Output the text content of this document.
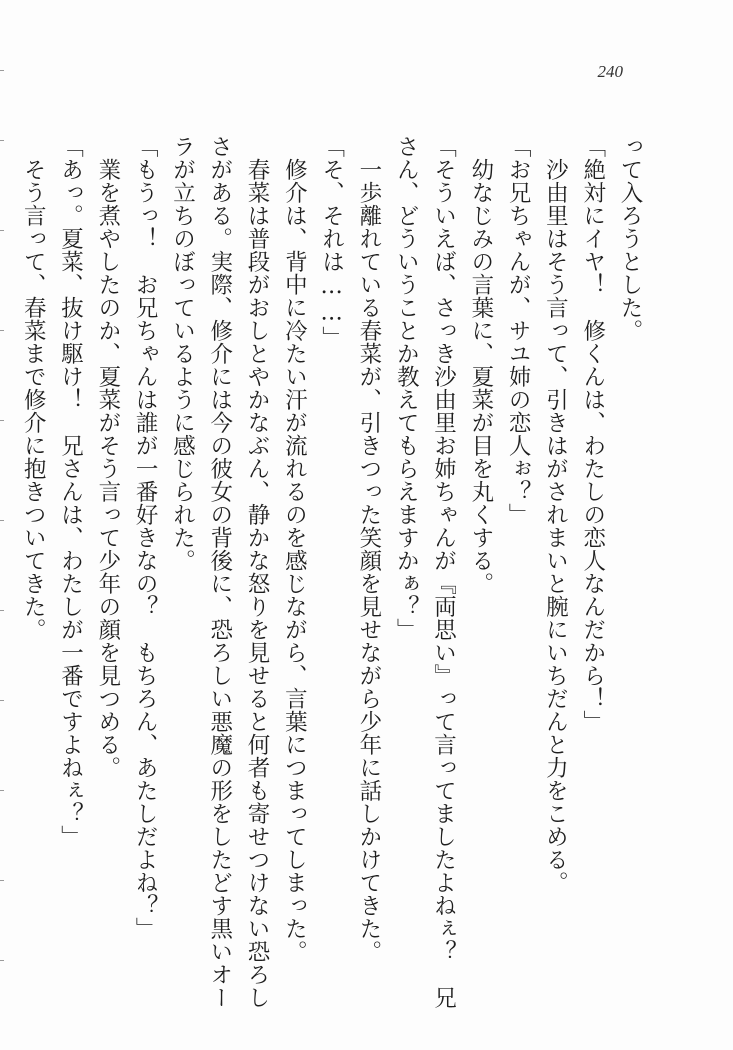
240
って入ろうとした。
「絶対にイヤ！　修くんは、わたしの恋人なんだから！」
　沙由里はそう言って、引きはがされまいと腕にいちだんと力をこめる。
「お兄ちゃんが、サユ姉の恋人ぉ？」
　幼なじみの言葉に、夏菜が目を丸くする。
「そういえば、さっき沙由里お姉ちゃんが『両思い』って言ってましたよねぇ？　兄
さん、どういうことか教えてもらえますかぁ？」
　一歩離れている春菜が、引きつった笑顔を見せながら少年に話しかけてきた。
「そ、それは……」
　修介は、背中に冷たい汗が流れるのを感じながら、言葉につまってしまった。
　春菜は普段がおしとやかなぶん、静かな怒りを見せると何者も寄せつけない恐ろし
さがある。実際、修介には今の彼女の背後に、恐ろしい悪魔の形をしたどす黒いオー
ラが立ちのぼっているように感じられた。
「もうっ！　お兄ちゃんは誰が一番好きなの？　もちろん、あたしだよね？」
　業を煮やしたのか、夏菜がそう言って少年の顔を見つめる。
「あっ。夏菜、抜け駆け！　兄さんは、わたしが一番ですよねぇ？」
　そう言って、春菜まで修介に抱きついてきた。
